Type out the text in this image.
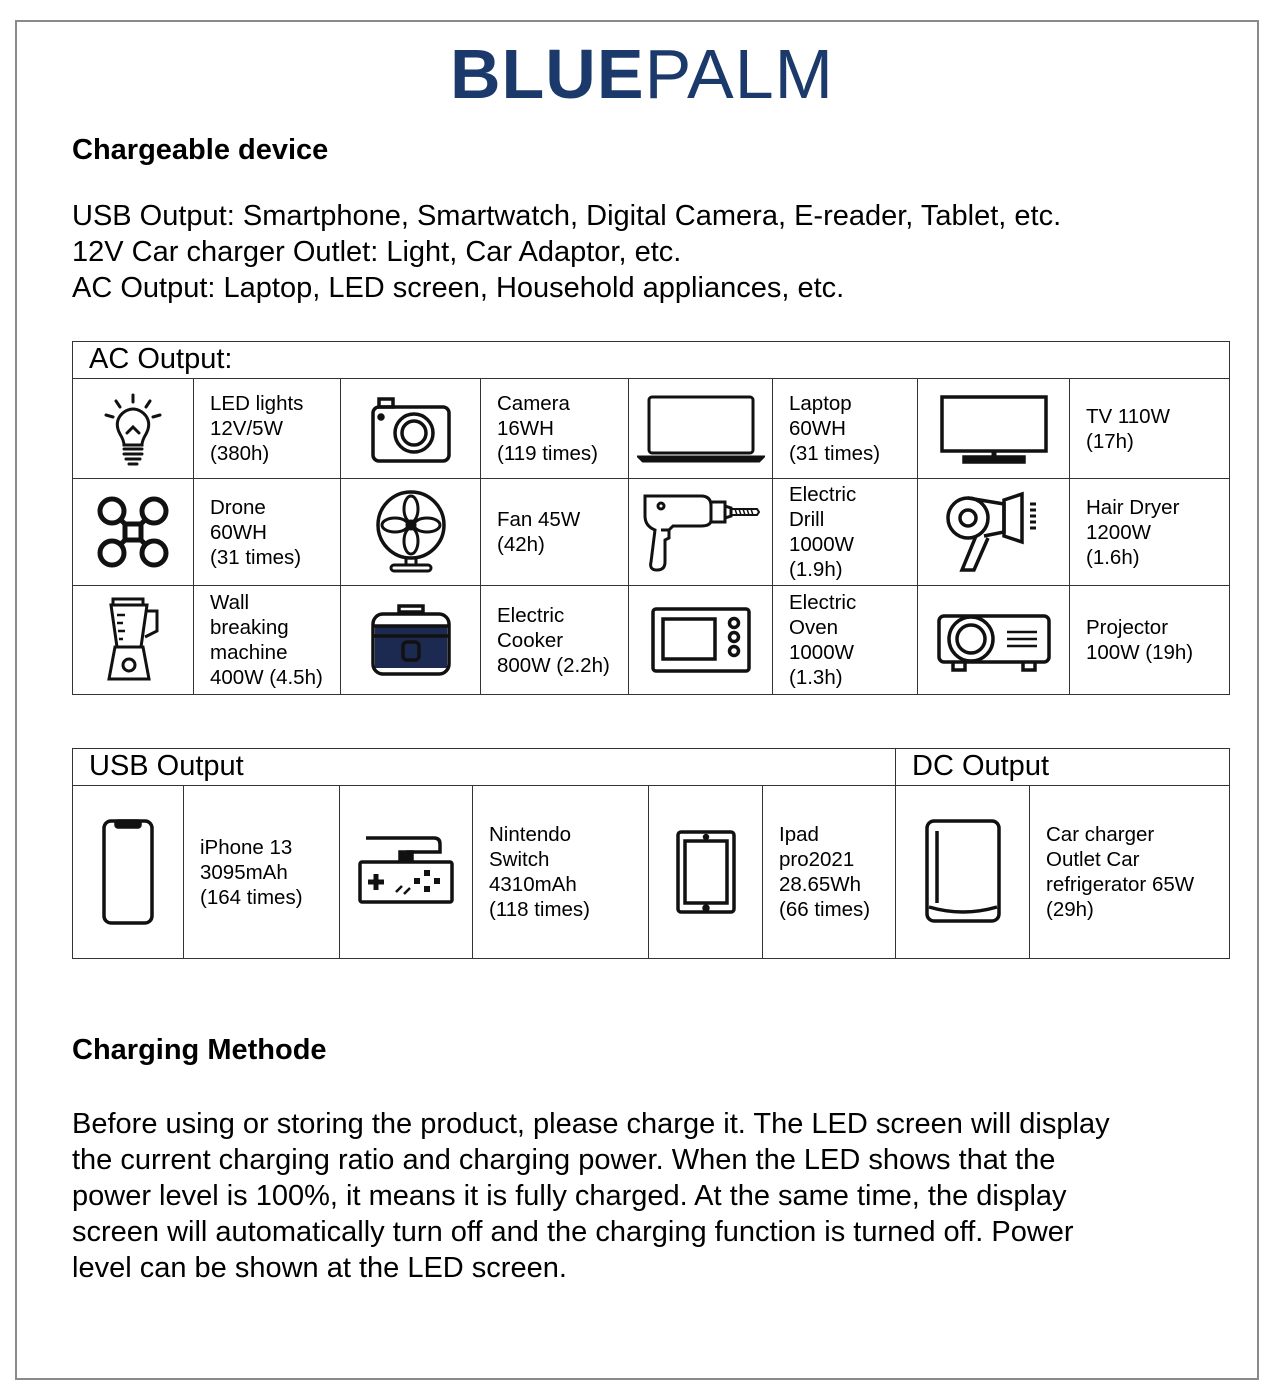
BLUEPALM
Chargeable device
USB Output: Smartphone, Smartwatch, Digital Camera, E-reader, Tablet, etc.
12V Car charger Outlet: Light, Car Adaptor, etc.
AC Output: Laptop, LED screen, Household appliances, etc.
AC Output:							

LED lights
12V/5W
(380h)		Camera
16WH
(119 times)		Laptop
60WH
(31 times)		TV 110W
(17h)

Drone
60WH
(31 times)		Fan 45W
(42h)		Electric
Drill
1000W
(1.9h)		Hair Dryer
1200W
(1.6h)

Wall
breaking
machine
400W (4.5h)		Electric
Cooker
800W (2.2h)		Electric
Oven
1000W
(1.3h)		Projector
100W (19h)
USB Output						DC Output	

iPhone 13
3095mAh
(164 times)		Nintendo
Switch
4310mAh
(118 times)		Ipad
pro2021
28.65Wh
(66 times)		Car charger
Outlet Car
refrigerator 65W
(29h)
Charging Methode
Before using or storing the product, please charge it. The LED screen will display
the current charging ratio and charging power. When the LED shows that the
power level is 100%, it means it is fully charged. At the same time, the display
screen will automatically turn off and the charging function is turned off. Power
level can be shown at the LED screen.
